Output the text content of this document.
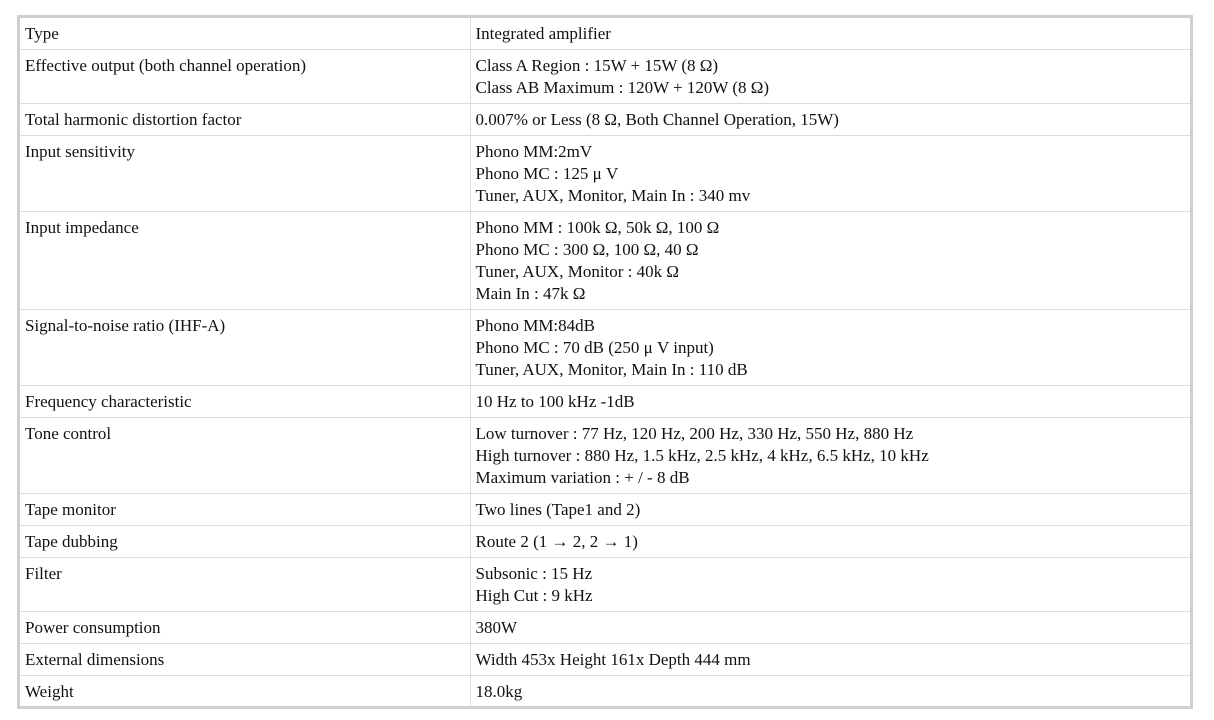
Type	Integrated amplifier

Effective output (both channel operation)	Class A Region : 15W + 15W (8 Ω)
Class AB Maximum : 120W + 120W (8 Ω)

Total harmonic distortion factor	0.007% or Less (8 Ω, Both Channel Operation, 15W)

Input sensitivity	Phono MM:2mV
Phono MC : 125 μ V
Tuner, AUX, Monitor, Main In : 340 mv

Input impedance	Phono MM : 100k Ω, 50k Ω, 100 Ω
Phono MC : 300 Ω, 100 Ω, 40 Ω
Tuner, AUX, Monitor : 40k Ω
Main In : 47k Ω

Signal-to-noise ratio (IHF-A)	Phono MM:84dB
Phono MC : 70 dB (250 μ V input)
Tuner, AUX, Monitor, Main In : 110 dB

Frequency characteristic	10 Hz to 100 kHz -1dB

Tone control	Low turnover : 77 Hz, 120 Hz, 200 Hz, 330 Hz, 550 Hz, 880 Hz
High turnover : 880 Hz, 1.5 kHz, 2.5 kHz, 4 kHz, 6.5 kHz, 10 kHz
Maximum variation : + / - 8 dB

Tape monitor	Two lines (Tape1 and 2)

Tape dubbing	Route 2 (1 → 2, 2 → 1)

Filter	Subsonic : 15 Hz
High Cut : 9 kHz

Power consumption	380W

External dimensions	Width 453x Height 161x Depth 444 mm

Weight	18.0kg
